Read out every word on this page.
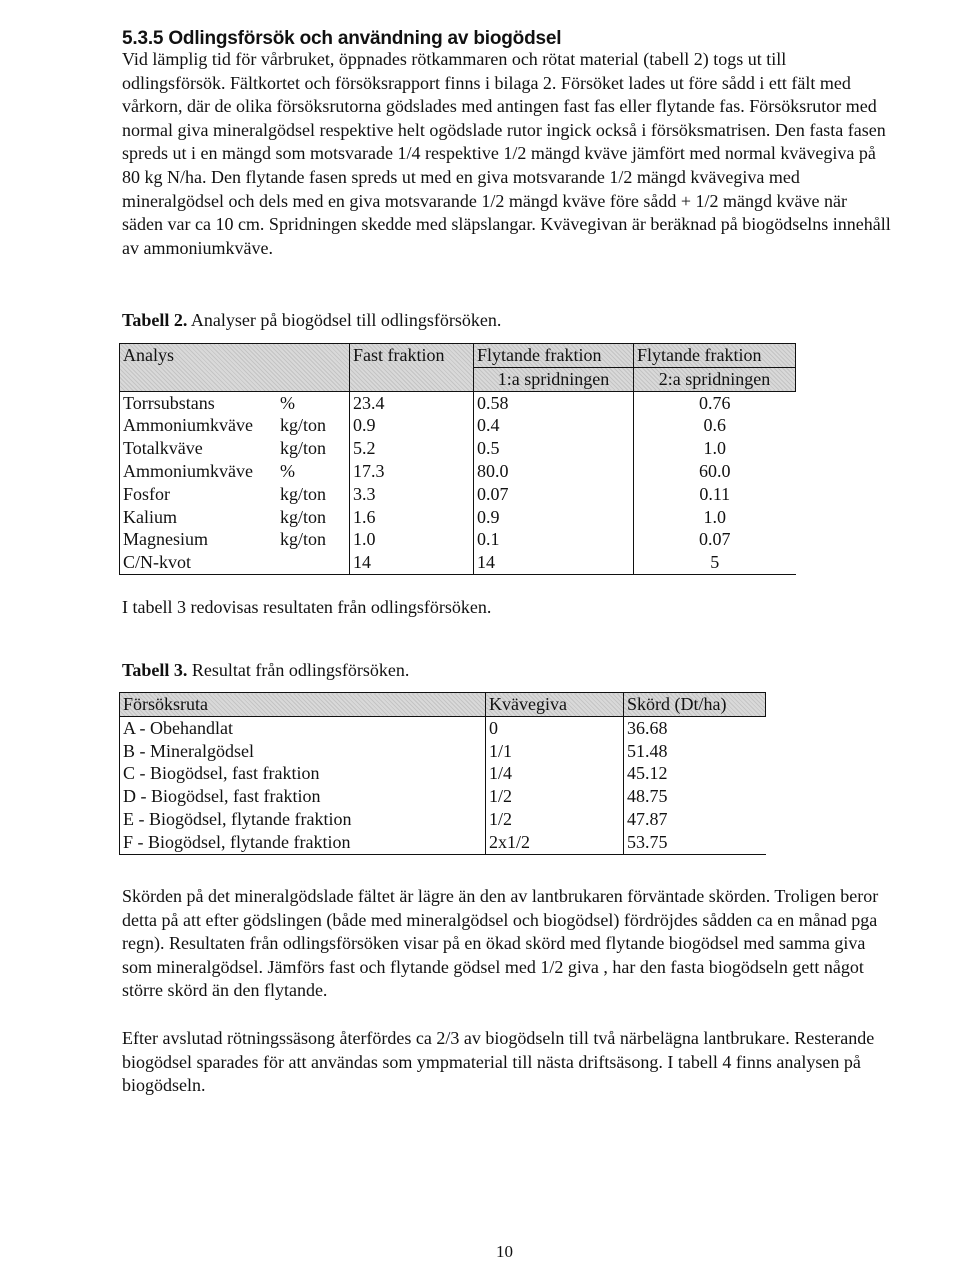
5.3.5 Odlingsförsök och användning av biogödsel

Vid lämplig tid för vårbruket, öppnades rötkammaren och rötat material (tabell 2) togs ut till odlingsförsök. Fältkortet och försöksrapport finns i bilaga 2. Försöket lades ut före sådd i ett fält med vårkorn, där de olika försöksrutorna gödslades med antingen fast fas eller flytande fas. Försöksrutor med normal giva mineralgödsel respektive helt ogödslade rutor ingick också i försöksmatrisen. Den fasta fasen spreds ut i en mängd som motsvarade 1/4 respektive 1/2 mängd kväve jämfört med normal kvävegiva på 80 kg N/ha. Den flytande fasen spreds ut med en giva motsvarande 1/2 mängd kvävegiva med mineralgödsel och dels med en giva motsvarande 1/2 mängd kväve före sådd + 1/2 mängd kväve när säden var ca 10 cm. Spridningen skedde med släpslangar. Kvävegivan är beräknad på biogödselns innehåll av ammoniumkväve.

Tabell 2. Analyser på biogödsel till odlingsförsöken.

Analys	Fast fraktion	Flytande fraktion	Flytande fraktion
		1:a spridningen	2:a spridningen
Torrsubstans %	23.4	0.58	0.76
Ammoniumkväve kg/ton	0.9	0.4	0.6
Totalkväve kg/ton	5.2	0.5	1.0
Ammoniumkväve %	17.3	80.0	60.0
Fosfor kg/ton	3.3	0.07	0.11
Kalium kg/ton	1.6	0.9	1.0
Magnesium kg/ton	1.0	0.1	0.07
C/N-kvot	14	14	5

I tabell 3 redovisas resultaten från odlingsförsöken.

Tabell 3. Resultat från odlingsförsöken.

Försöksruta	Kvävegiva	Skörd (Dt/ha)
A - Obehandlat	0	36.68
B - Mineralgödsel	1/1	51.48
C - Biogödsel, fast fraktion	1/4	45.12
D - Biogödsel, fast fraktion	1/2	48.75
E - Biogödsel, flytande fraktion	1/2	47.87
F - Biogödsel, flytande fraktion	2x1/2	53.75

Skörden på det mineralgödslade fältet är lägre än den av lantbrukaren förväntade skörden. Troligen beror detta på att efter gödslingen (både med mineralgödsel och biogödsel) fördröjdes sådden ca en månad pga regn). Resultaten från odlingsförsöken visar på en ökad skörd med flytande biogödsel med samma giva som mineralgödsel. Jämförs fast och flytande gödsel med 1/2 giva , har den fasta biogödseln gett något större skörd än den flytande.

Efter avslutad rötningssäsong återfördes ca 2/3 av biogödseln till två närbelägna lantbrukare. Resterande biogödsel sparades för att användas som ympmaterial till nästa driftsäsong. I tabell 4 finns analysen på biogödseln.

10
